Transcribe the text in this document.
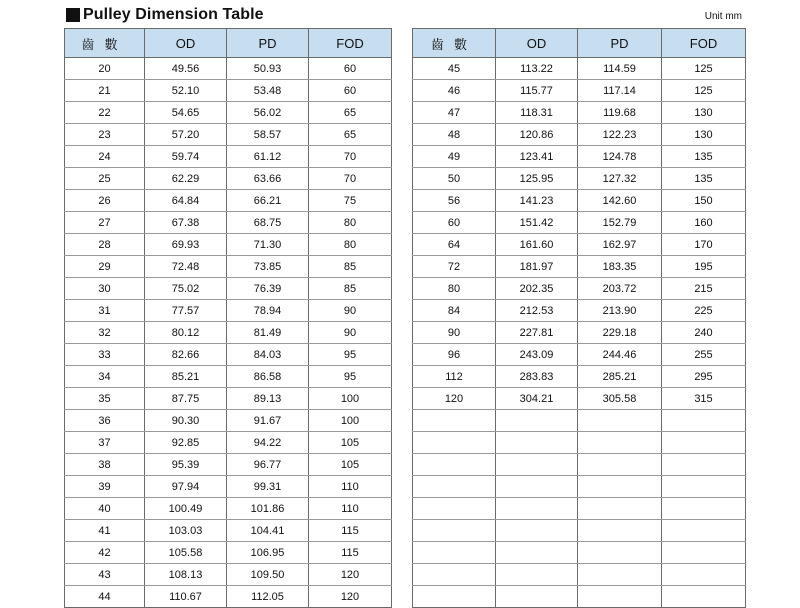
Pulley Dimension Table	Unit mm
齒數	OD	PD	FOD
20	49.56	50.93	60
21	52.10	53.48	60
22	54.65	56.02	65
23	57.20	58.57	65
24	59.74	61.12	70
25	62.29	63.66	70
26	64.84	66.21	75
27	67.38	68.75	80
28	69.93	71.30	80
29	72.48	73.85	85
30	75.02	76.39	85
31	77.57	78.94	90
32	80.12	81.49	90
33	82.66	84.03	95
34	85.21	86.58	95
35	87.75	89.13	100
36	90.30	91.67	100
37	92.85	94.22	105
38	95.39	96.77	105
39	97.94	99.31	110
40	100.49	101.86	110
41	103.03	104.41	115
42	105.58	106.95	115
43	108.13	109.50	120
44	110.67	112.05	120
齒數	OD	PD	FOD
45	113.22	114.59	125
46	115.77	117.14	125
47	118.31	119.68	130
48	120.86	122.23	130
49	123.41	124.78	135
50	125.95	127.32	135
56	141.23	142.60	150
60	151.42	152.79	160
64	161.60	162.97	170
72	181.97	183.35	195
80	202.35	203.72	215
84	212.53	213.90	225
90	227.81	229.18	240
96	243.09	244.46	255
112	283.83	285.21	295
120	304.21	305.58	315
